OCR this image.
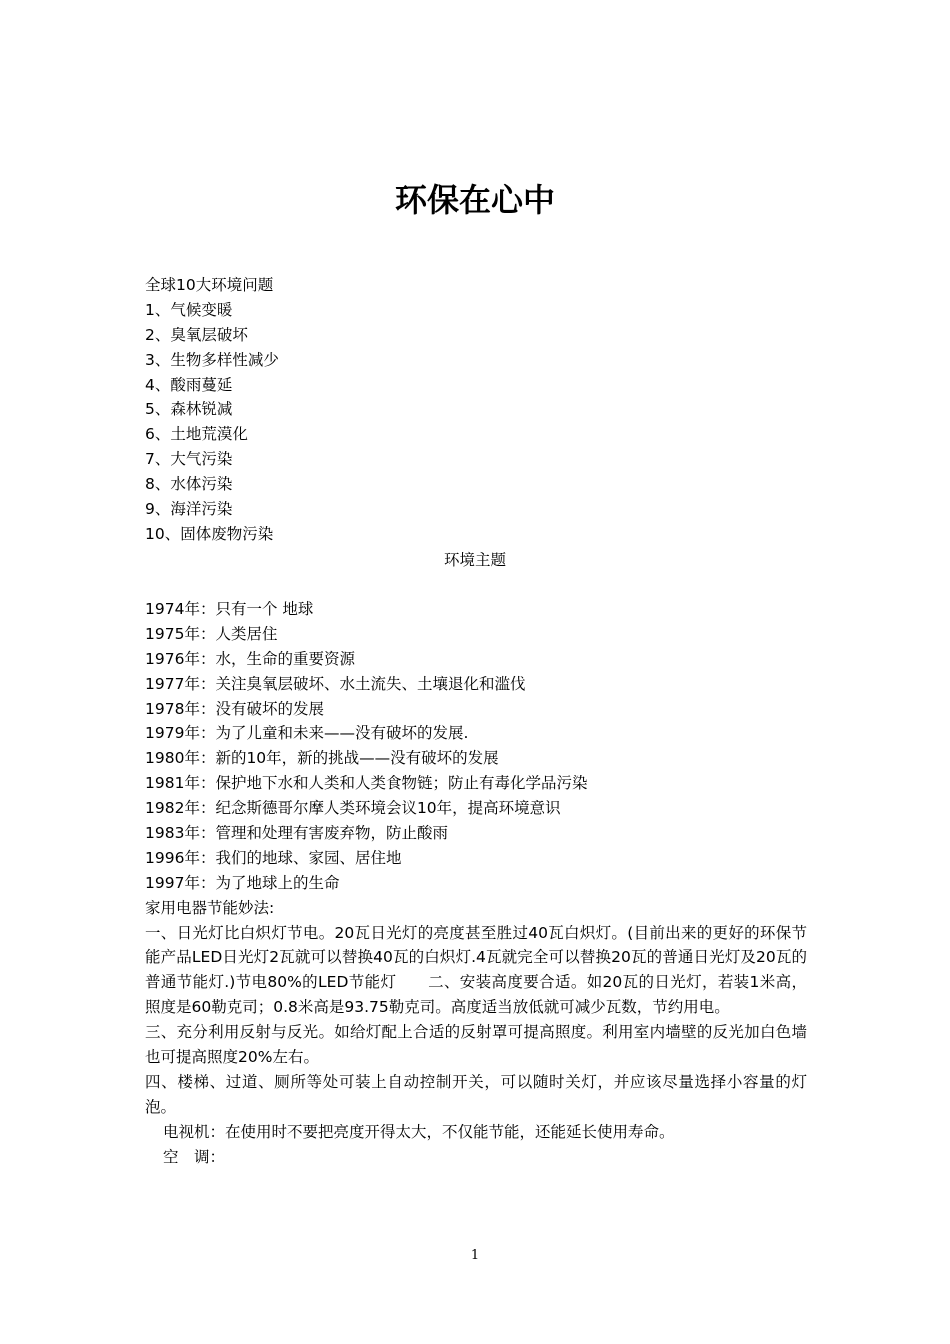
环保在心中
全球10大环境问题
1、气候变暖
2、臭氧层破坏
3、生物多样性减少
4、酸雨蔓延
5、森林锐减
6、土地荒漠化
7、大气污染
8、水体污染
9、海洋污染
10、固体废物污染
环境主题
1974年：只有一个 地球
1975年：人类居住
1976年：水，生命的重要资源
1977年：关注臭氧层破坏、水土流失、土壤退化和滥伐
1978年：没有破坏的发展
1979年：为了儿童和未来——没有破坏的发展.
1980年：新的10年，新的挑战——没有破坏的发展
1981年：保护地下水和人类和人类食物链；防止有毒化学品污染
1982年：纪念斯德哥尔摩人类环境会议10年，提高环境意识
1983年：管理和处理有害废弃物，防止酸雨
1996年：我们的地球、家园、居住地
1997年：为了地球上的生命
家用电器节能妙法:
一、日光灯比白炽灯节电。20瓦日光灯的亮度甚至胜过40瓦白炽灯。(目前出来的更好的环保节能产品LED日光灯2瓦就可以替换40瓦的白炽灯.4瓦就完全可以替换20瓦的普通日光灯及20瓦的普通节能灯.)节电80%的LED节能灯　　二、安装高度要合适。如20瓦的日光灯，若装1米高，照度是60勒克司；0.8米高是93.75勒克司。高度适当放低就可减少瓦数，节约用电。
三、充分利用反射与反光。如给灯配上合适的反射罩可提高照度。利用室内墙壁的反光加白色墙也可提高照度20%左右。
四、楼梯、过道、厕所等处可装上自动控制开关，可以随时关灯，并应该尽量选择小容量的灯泡。
电视机：在使用时不要把亮度开得太大，不仅能节能，还能延长使用寿命。
空　调：
1
